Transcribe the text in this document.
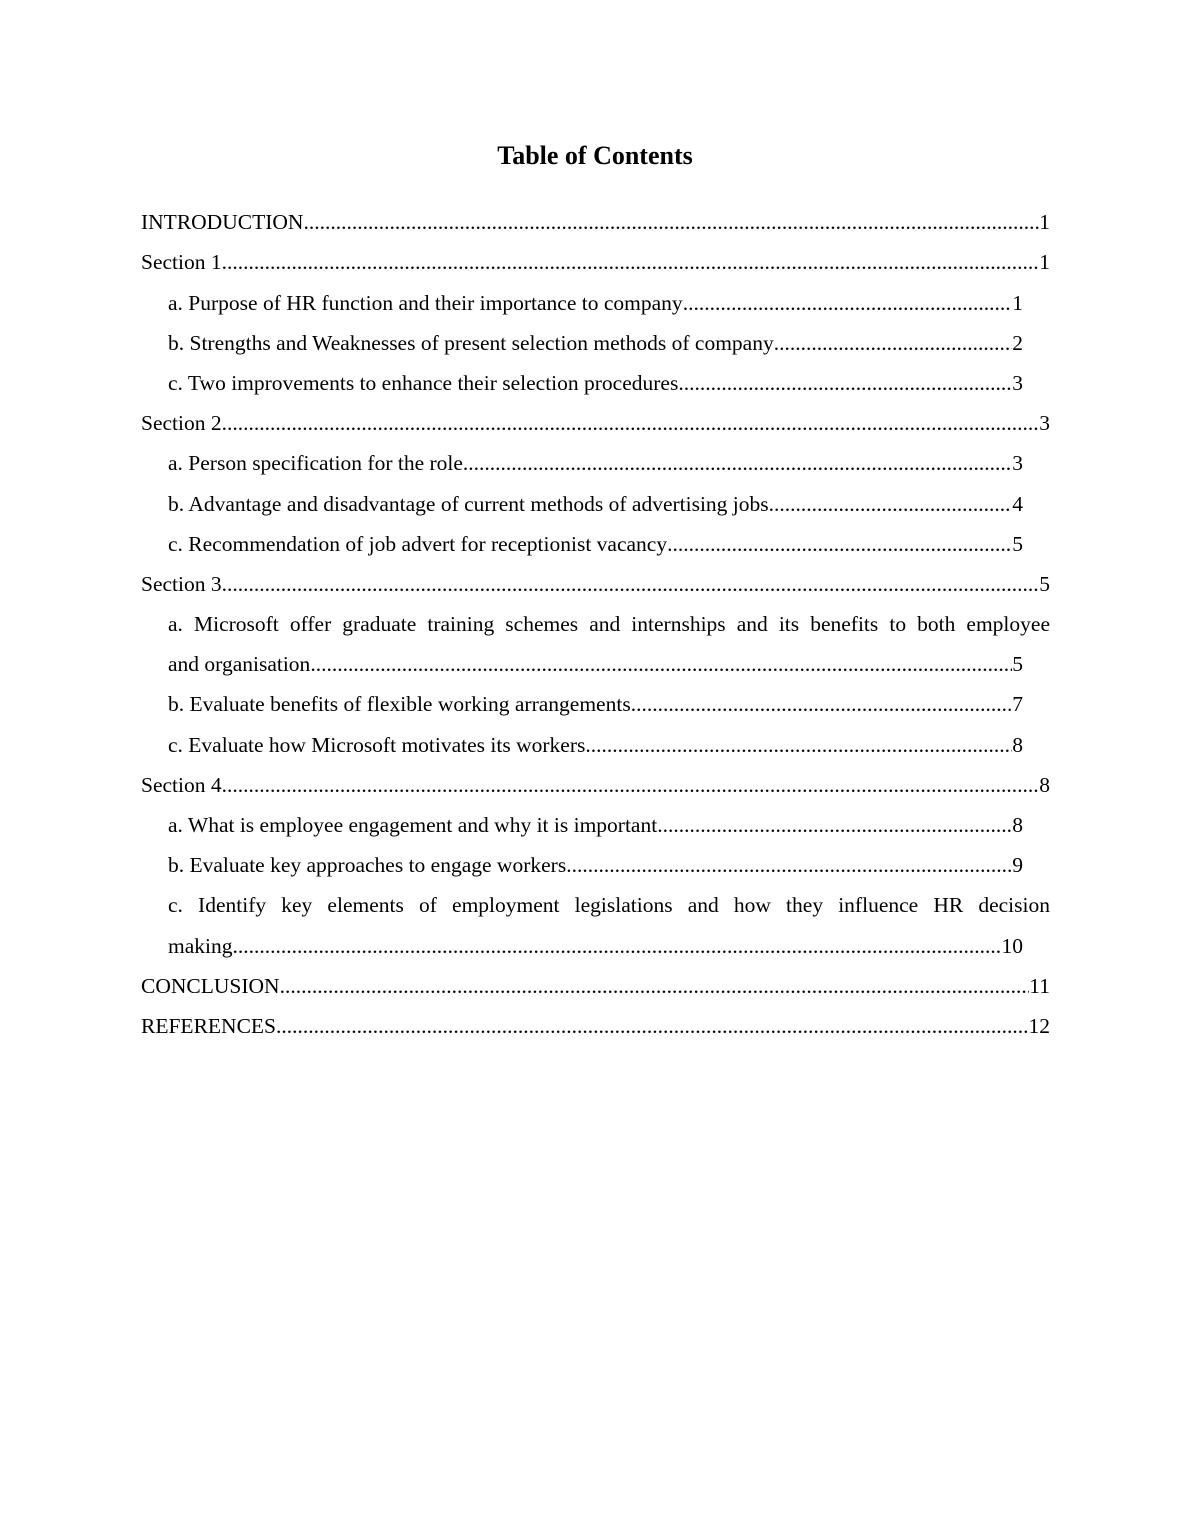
Table of Contents
INTRODUCTION .....	1
Section 1 .....	1
a. Purpose of HR function and their importance to company .....	1
b. Strengths and Weaknesses of present selection methods of company .....	2
c. Two improvements to enhance their selection procedures .....	3
Section 2 .....	3
a. Person specification for the role .....	3
b. Advantage and disadvantage of current methods of advertising jobs .....	4
c. Recommendation of job advert for receptionist vacancy .....	5
Section 3 .....	5
a. Microsoft offer graduate training schemes and internships and its benefits to both employee
and organisation .....	5
b. Evaluate benefits of flexible working arrangements .....	7
c. Evaluate how Microsoft motivates its workers .....	8
Section 4 .....	8
a. What is employee engagement and why it is important .....	8
b. Evaluate key approaches to engage workers .....	9
c. Identify key elements of employment legislations and how they influence HR decision
making .....	10
CONCLUSION .....	11
REFERENCES .....	12
